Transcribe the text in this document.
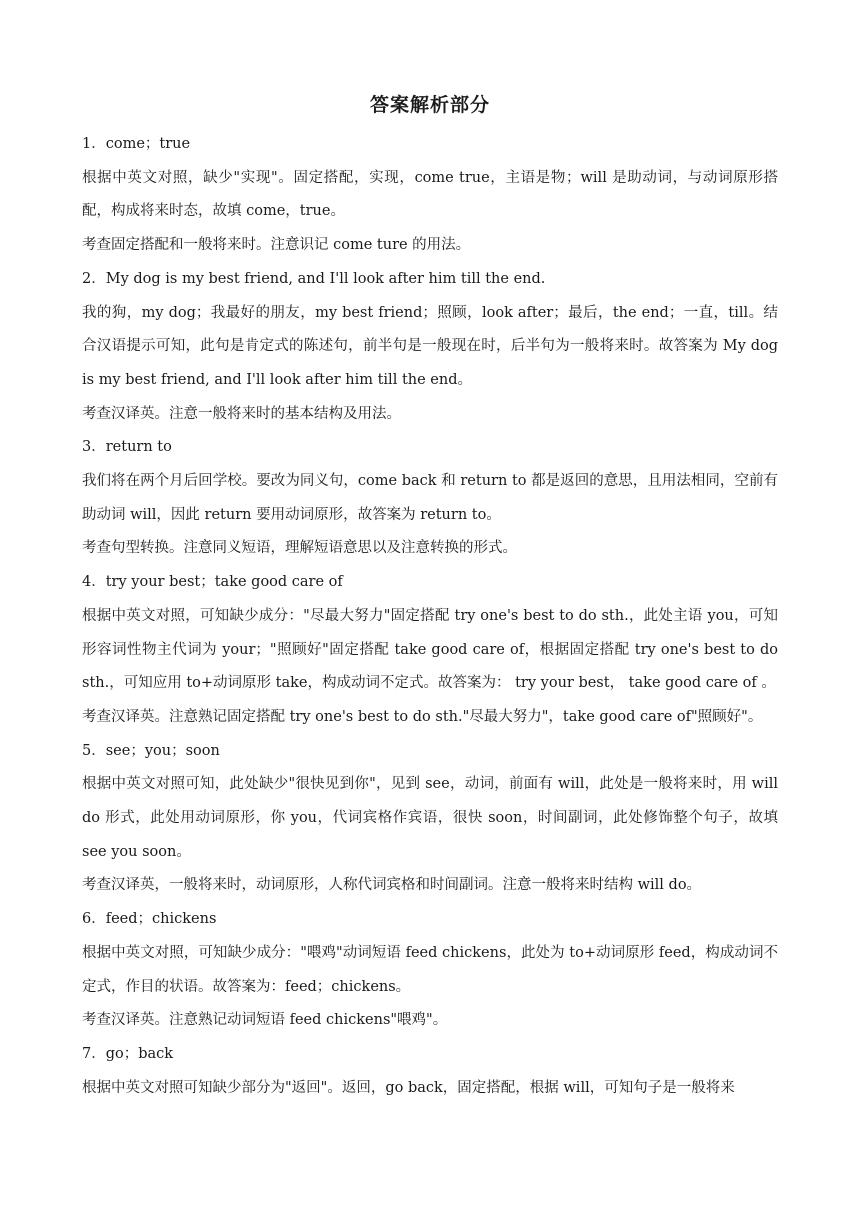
答案解析部分

1．come；true

根据中英文对照，缺少"实现"。固定搭配，实现，come true，主语是物；will 是助动词，与动词原形搭配，构成将来时态，故填 come，true。

考查固定搭配和一般将来时。注意识记 come ture 的用法。

2．My dog is my best friend, and I'll look after him till the end.

我的狗，my dog；我最好的朋友，my best friend；照顾，look after；最后，the end；一直，till。结合汉语提示可知，此句是肯定式的陈述句，前半句是一般现在时，后半句为一般将来时。故答案为 My dog is my best friend, and I'll look after him till the end。

考查汉译英。注意一般将来时的基本结构及用法。

3．return to

我们将在两个月后回学校。要改为同义句，come back 和 return to 都是返回的意思，且用法相同，空前有助动词 will，因此 return 要用动词原形，故答案为 return to。

考查句型转换。注意同义短语，理解短语意思以及注意转换的形式。

4．try your best；take good care of

根据中英文对照，可知缺少成分："尽最大努力"固定搭配 try one's best to do sth.，此处主语 you，可知形容词性物主代词为 your；"照顾好"固定搭配 take good care of，根据固定搭配 try one's best to do sth.，可知应用 to+动词原形 take，构成动词不定式。故答案为： try your best， take good care of 。

考查汉译英。注意熟记固定搭配 try one's best to do sth."尽最大努力"，take good care of"照顾好"。

5．see；you；soon

根据中英文对照可知，此处缺少"很快见到你"，见到 see，动词，前面有 will，此处是一般将来时，用 will do 形式，此处用动词原形，你 you，代词宾格作宾语，很快 soon，时间副词，此处修饰整个句子，故填 see you soon。

考查汉译英，一般将来时，动词原形，人称代词宾格和时间副词。注意一般将来时结构 will do。

6．feed；chickens

根据中英文对照，可知缺少成分："喂鸡"动词短语 feed chickens，此处为 to+动词原形 feed，构成动词不定式，作目的状语。故答案为：feed；chickens。

考查汉译英。注意熟记动词短语 feed chickens"喂鸡"。

7．go；back

根据中英文对照可知缺少部分为"返回"。返回，go back，固定搭配，根据 will，可知句子是一般将来
